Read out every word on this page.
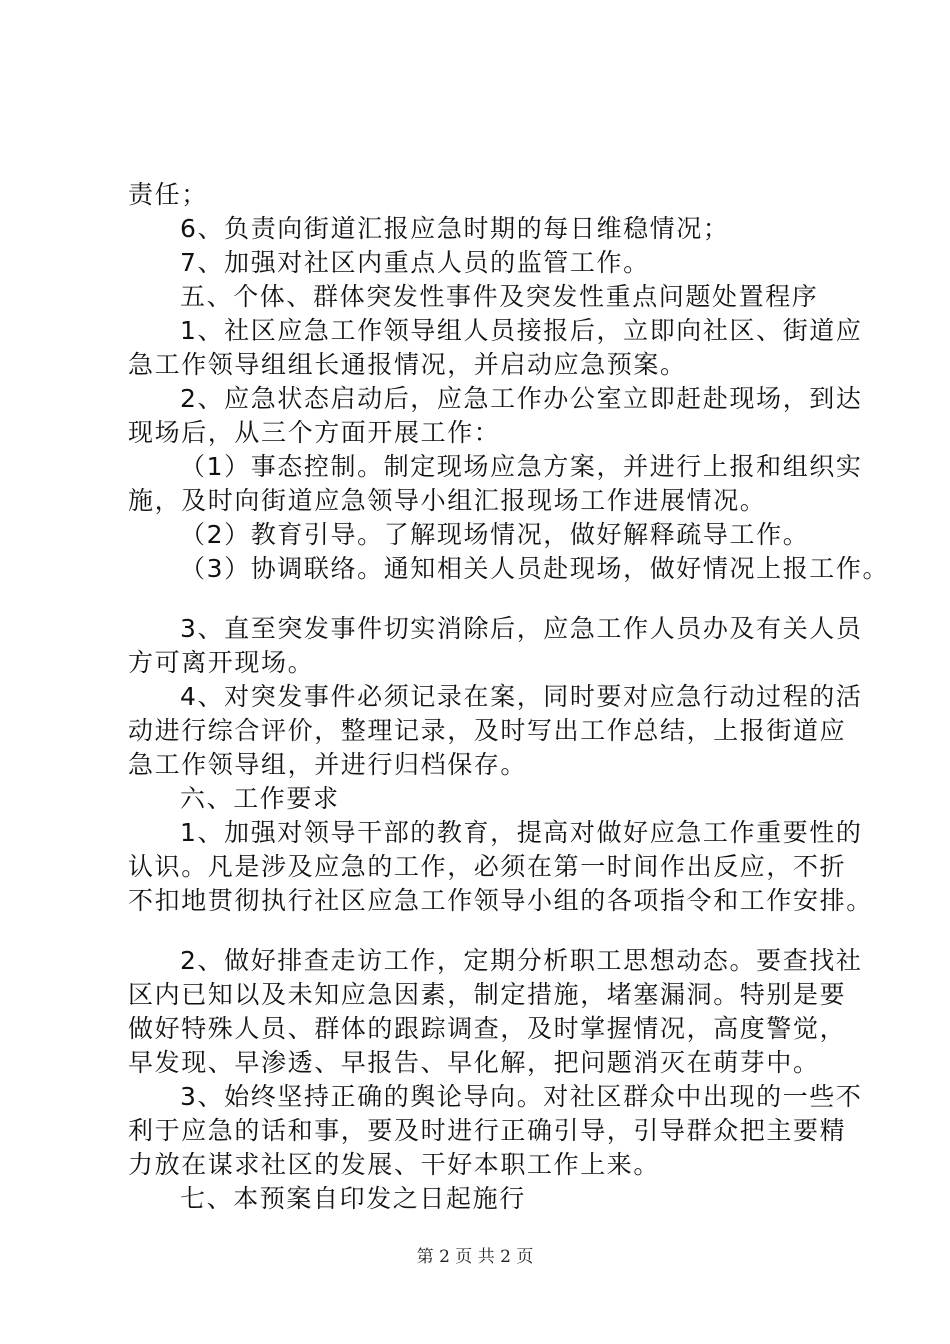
责任；
6、负责向街道汇报应急时期的每日维稳情况；
7、加强对社区内重点人员的监管工作。
五、个体、群体突发性事件及突发性重点问题处置程序
1、社区应急工作领导组人员接报后，立即向社区、街道应
急工作领导组组长通报情况，并启动应急预案。
2、应急状态启动后，应急工作办公室立即赶赴现场，到达
现场后，从三个方面开展工作：
（1）事态控制。制定现场应急方案，并进行上报和组织实
施，及时向街道应急领导小组汇报现场工作进展情况。
（2）教育引导。了解现场情况，做好解释疏导工作。
（3）协调联络。通知相关人员赴现场，做好情况上报工作。
3、直至突发事件切实消除后，应急工作人员办及有关人员
方可离开现场。
4、对突发事件必须记录在案，同时要对应急行动过程的活
动进行综合评价，整理记录，及时写出工作总结，上报街道应
急工作领导组，并进行归档保存。
六、工作要求
1、加强对领导干部的教育，提高对做好应急工作重要性的
认识。凡是涉及应急的工作，必须在第一时间作出反应，不折
不扣地贯彻执行社区应急工作领导小组的各项指令和工作安排。
2、做好排查走访工作，定期分析职工思想动态。要查找社
区内已知以及未知应急因素，制定措施，堵塞漏洞。特别是要
做好特殊人员、群体的跟踪调查，及时掌握情况，高度警觉，
早发现、早渗透、早报告、早化解，把问题消灭在萌芽中。
3、始终坚持正确的舆论导向。对社区群众中出现的一些不
利于应急的话和事，要及时进行正确引导，引导群众把主要精
力放在谋求社区的发展、干好本职工作上来。
七、本预案自印发之日起施行
第 2 页 共 2 页
